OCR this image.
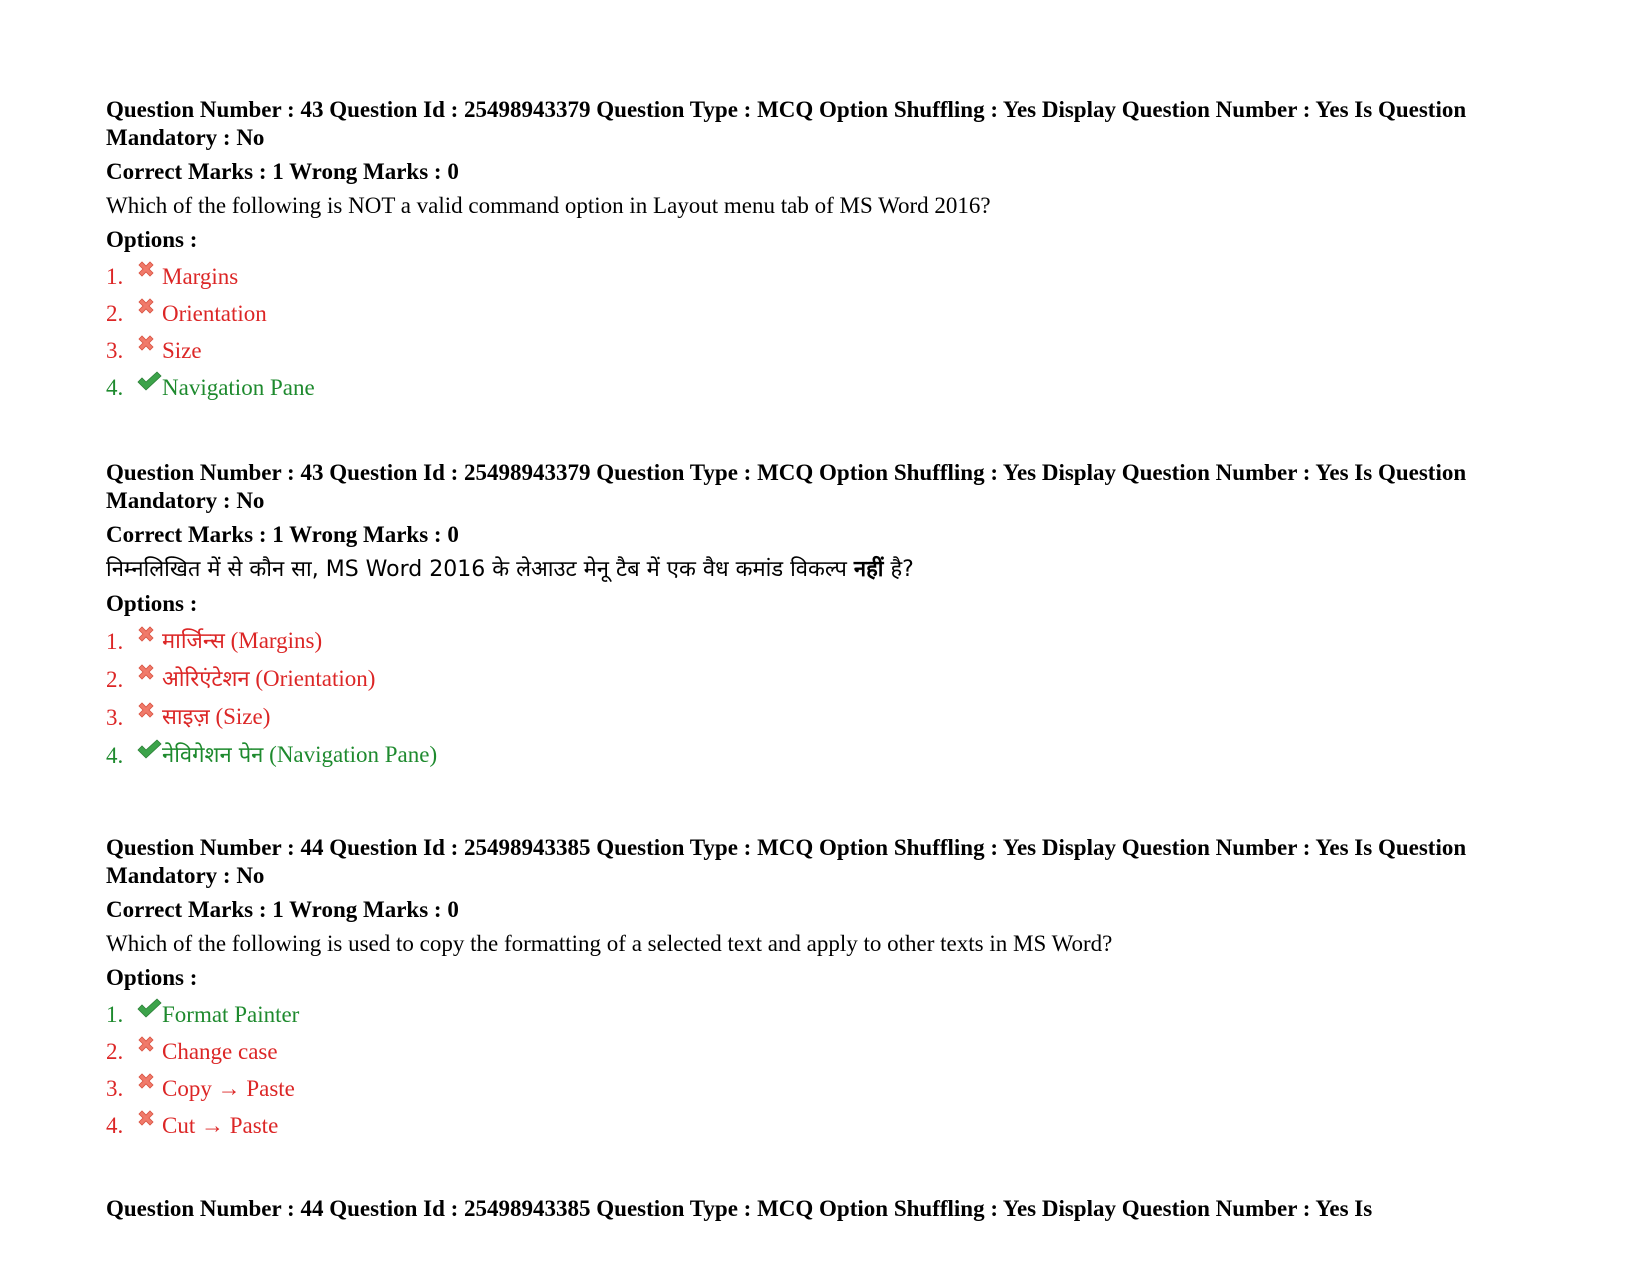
Question Number : 43 Question Id : 25498943379 Question Type : MCQ Option Shuffling : Yes Display Question Number : Yes Is Question Mandatory : No
Correct Marks : 1 Wrong Marks : 0
Which of the following is NOT a valid command option in Layout menu tab of MS Word 2016?
Options :
1.	Margins
2.	Orientation
3.	Size
4.	Navigation Pane
Question Number : 43 Question Id : 25498943379 Question Type : MCQ Option Shuffling : Yes Display Question Number : Yes Is Question Mandatory : No
Correct Marks : 1 Wrong Marks : 0
निम्नलिखित में से कौन सा, MS Word 2016 के लेआउट मेनू टैब में एक वैध कमांड विकल्प नहीं है?
Options :
1.	मार्जिन्स (Margins)
2.	ओरिएंटेशन (Orientation)
3.	साइज़ (Size)
4.	नेविगेशन पेन (Navigation Pane)
Question Number : 44 Question Id : 25498943385 Question Type : MCQ Option Shuffling : Yes Display Question Number : Yes Is Question Mandatory : No
Correct Marks : 1 Wrong Marks : 0
Which of the following is used to copy the formatting of a selected text and apply to other texts in MS Word?
Options :
1.	Format Painter
2.	Change case
3.	Copy → Paste
4.	Cut → Paste
Question Number : 44 Question Id : 25498943385 Question Type : MCQ Option Shuffling : Yes Display Question Number : Yes Is
